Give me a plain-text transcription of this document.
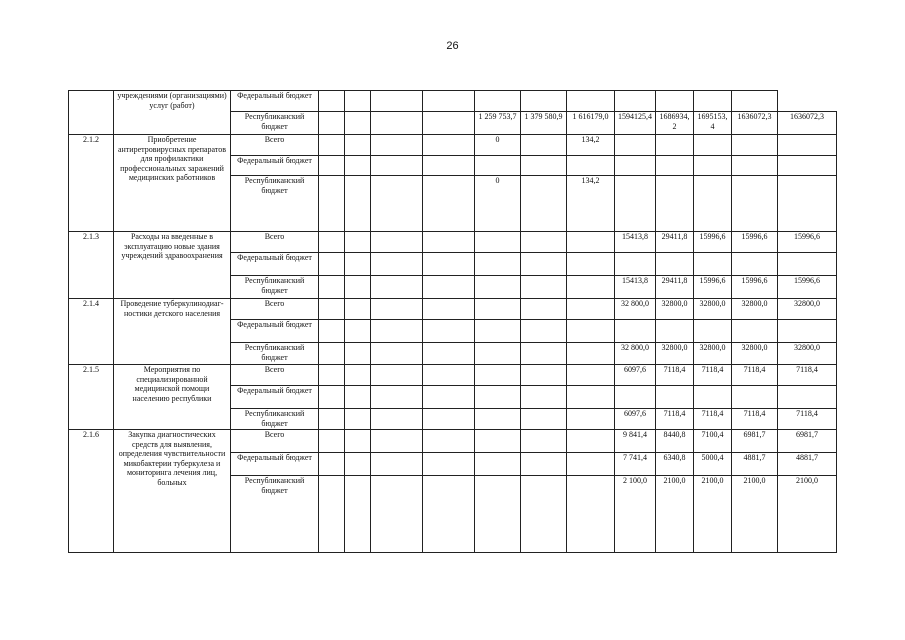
26
	учреждениями (организациями) услуг (работ)	Федеральный бюджет												
		Республиканский бюджет					1 259 753,7	1 379 580,9	1 616179,0	1594125,4	1686934,2	1695153,4	1636072,3	1636072,3
2.1.2	Приобретение антиретровирусных препаратов для профилактики профессиональных заражений медицинских работников	Всего					0		134,2					
		Федеральный бюджет												
		Республиканский бюджет					0		134,2					
2.1.3	Расходы на введенные в эксплуатацию новые здания учреждений здравоохранения	Всего								15413,8	29411,8	15996,6	15996,6	15996,6
		Федеральный бюджет												
		Республиканский бюджет								15413,8	29411,8	15996,6	15996,6	15996,6
2.1.4	Проведение туберкулинодиаг-ностики детского населения	Всего								32 800,0	32800,0	32800,0	32800,0	32800,0
		Федеральный бюджет												
		Республиканский бюджет								32 800,0	32800,0	32800,0	32800,0	32800,0
2.1.5	Мероприятия по специализированной медицинской помощи населению республики	Всего								6097,6	7118,4	7118,4	7118,4	7118,4
		Федеральный бюджет												
		Республиканский бюджет								6097,6	7118,4	7118,4	7118,4	7118,4
2.1.6	Закупка диагностических средств для выявления, определения чувствительности микобактерии туберкулеза и мониторинга лечения лиц, больных	Всего								9 841,4	8440,8	7100,4	6981,7	6981,7
		Федеральный бюджет								7 741,4	6340,8	5000,4	4881,7	4881,7
		Республиканский бюджет								2 100,0	2100,0	2100,0	2100,0	2100,0
